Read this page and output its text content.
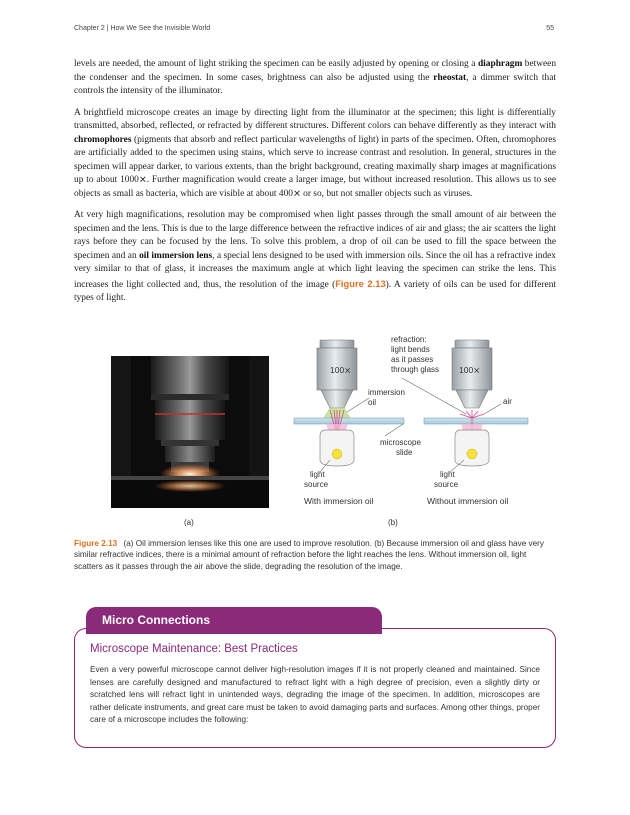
Chapter 2 | How We See the Invisible World	55

levels are needed, the amount of light striking the specimen can be easily adjusted by opening or closing a diaphragm between the condenser and the specimen. In some cases, brightness can also be adjusted using the rheostat, a dimmer switch that controls the intensity of the illuminator.

A brightfield microscope creates an image by directing light from the illuminator at the specimen; this light is differentially transmitted, absorbed, reflected, or refracted by different structures. Different colors can behave differently as they interact with chromophores (pigments that absorb and reflect particular wavelengths of light) in parts of the specimen. Often, chromophores are artificially added to the specimen using stains, which serve to increase contrast and resolution. In general, structures in the specimen will appear darker, to various extents, than the bright background, creating maximally sharp images at magnifications up to about 1000⨯. Further magnification would create a larger image, but without increased resolution. This allows us to see objects as small as bacteria, which are visible at about 400⨯ or so, but not smaller objects such as viruses.

At very high magnifications, resolution may be compromised when light passes through the small amount of air between the specimen and the lens. This is due to the large difference between the refractive indices of air and glass; the air scatters the light rays before they can be focused by the lens. To solve this problem, a drop of oil can be used to fill the space between the specimen and an oil immersion lens, a special lens designed to be used with immersion oils. Since the oil has a refractive index very similar to that of glass, it increases the maximum angle at which light leaving the specimen can strike the lens. This increases the light collected and, thus, the resolution of the image (Figure 2.13). A variety of oils can be used for different types of light.

100⨯	100⨯
refraction:
light bends
as it passes
through glass
immersion
oil	air
microscope
slide
light
source
light
source
With immersion oil	Without immersion oil
(a)	(b)
Figure 2.13 (a) Oil immersion lenses like this one are used to improve resolution. (b) Because immersion oil and glass have very similar refractive indices, there is a minimal amount of refraction before the light reaches the lens. Without immersion oil, light scatters as it passes through the air above the slide, degrading the resolution of the image.
Micro Connections
Microscope Maintenance: Best Practices
Even a very powerful microscope cannot deliver high-resolution images if it is not properly cleaned and maintained. Since lenses are carefully designed and manufactured to refract light with a high degree of precision, even a slightly dirty or scratched lens will refract light in unintended ways, degrading the image of the specimen. In addition, microscopes are rather delicate instruments, and great care must be taken to avoid damaging parts and surfaces. Among other things, proper care of a microscope includes the following:
